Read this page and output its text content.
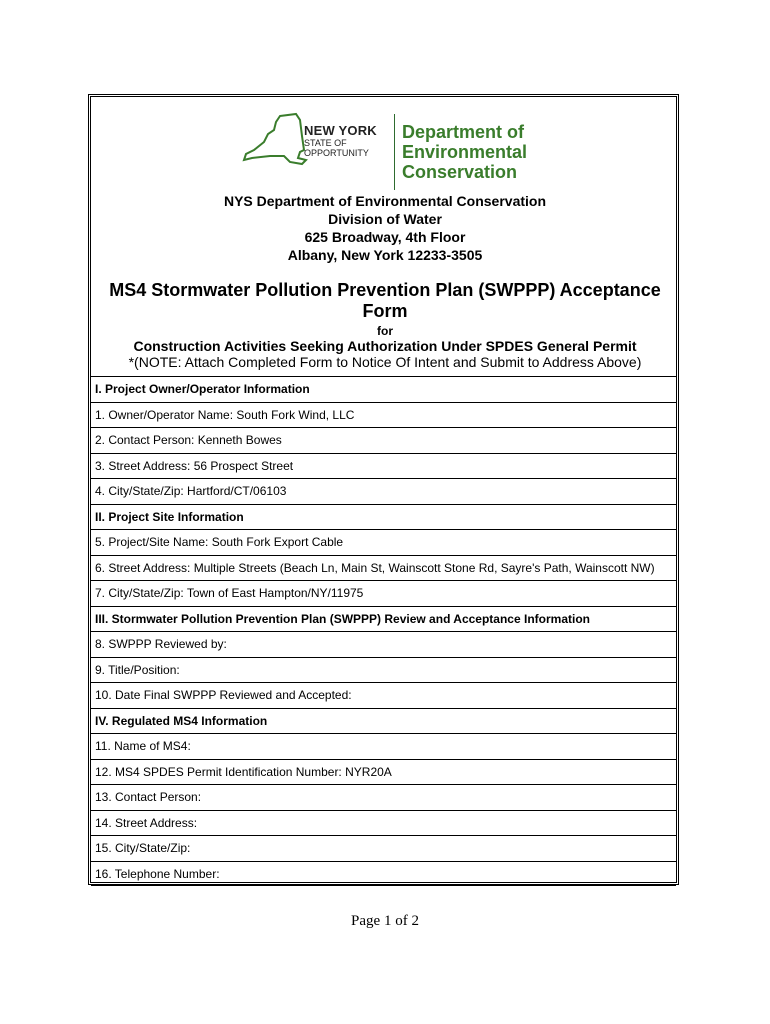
NEW YORK
STATE OF
OPPORTUNITY
Department of
Environmental
Conservation
NYS Department of Environmental Conservation
Division of Water
625 Broadway, 4th Floor
Albany, New York 12233-3505
MS4 Stormwater Pollution Prevention Plan (SWPPP) Acceptance
Form
for
Construction Activities Seeking Authorization Under SPDES General Permit
*(NOTE: Attach Completed Form to Notice Of Intent and Submit to Address Above)
I. Project Owner/Operator Information
1. Owner/Operator Name: South Fork Wind, LLC
2. Contact Person: Kenneth Bowes
3. Street Address: 56 Prospect Street
4. City/State/Zip: Hartford/CT/06103
II. Project Site Information
5. Project/Site Name: South Fork Export Cable
6. Street Address: Multiple Streets (Beach Ln, Main St, Wainscott Stone Rd, Sayre's Path, Wainscott NW)
7. City/State/Zip: Town of East Hampton/NY/11975
III. Stormwater Pollution Prevention Plan (SWPPP) Review and Acceptance Information
8. SWPPP Reviewed by:
9. Title/Position:
10. Date Final SWPPP Reviewed and Accepted:
IV. Regulated MS4 Information
11. Name of MS4:
12. MS4 SPDES Permit Identification Number: NYR20A
13. Contact Person:
14. Street Address:
15. City/State/Zip:
16. Telephone Number:
Page 1 of 2
